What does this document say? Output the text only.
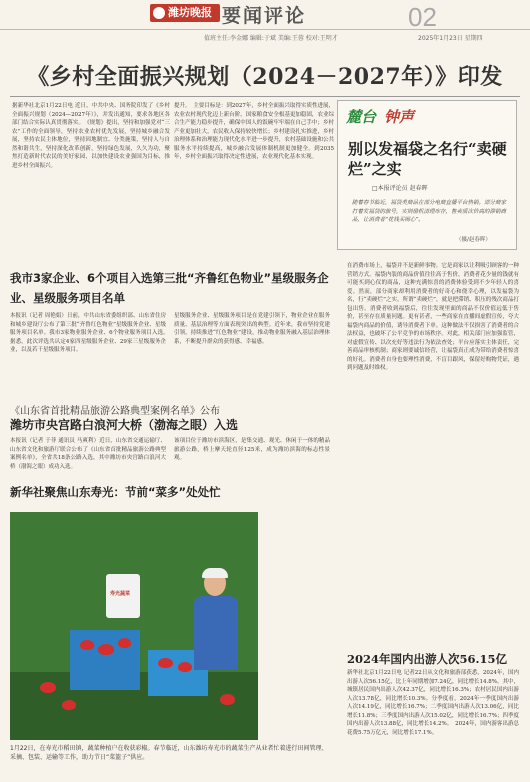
潍坊晚报 要闻评论	02
值班主任:李金娜 编辑:于斌 美编:王蓉 校对:王明才	2025年1月23日 星期四
《乡村全面振兴规划（2024－2027年）》印发
据新华社北京1月22日电 近日，中共中央、国务院印发了《乡村全面振兴规划（2024—2027年）》，并发出通知，要求各地区各部门结合实际认真贯彻落实。　《规划》提出，坚持和加强党对“三农”工作的全面领导，坚持农业农村优先发展，坚持城乡融合发展，坚持农民主体地位，坚持因地制宜、分类施策，坚持人与自然和谐共生，坚持深化改革创新，坚持绿色发展，久久为功，聚焦打造新时代农民的美好家园，以加快建设农业强国为目标，推进乡村全面振兴。
提升。　主要目标是：到2027年，乡村全面振兴取得实质性进展，农业农村现代化迈上新台阶。国家粮食安全根基更加稳固，农业综合生产能力稳步提升，确保中国人的饭碗牢牢端在自己手中；乡村产业更加壮大，农民收入保持较快增长；乡村建设扎实推进，乡村治理体系和治理能力现代化水平进一步提升，农村基础设施和公共服务水平持续提高，城乡融合发展体制机制更加健全。到2035年，乡村全面振兴取得决定性进展，农业现代化基本实现。
麓台 钟声
别以发福袋之名行“卖硬烂”之实
□本报评论员 赵春晖
随着春节临近，福袋类商品在部分电商直播平台热销。部分商家打着发福袋的旗号，实则借机清理库存，售卖质次价高的滞销商品，让消费者“花钱买闹心”。
（摄/赵春晖）
我市3家企业、6个项目入选第三批“齐鲁红色物业”星级服务企业、星级服务项目名单
本报讯（记者 周艳娟）日前，中共山东省委组织部、山东省住房和城乡建设厅公布了第三批“齐鲁红色物业”星级服务企业、星级服务项目名单。我市3家物业服务企业、6个物业服务项目入选。　据悉，此次评选共认定4家四星级服务企业、29家三星级服务企业，以及若干星级服务项目。
星级服务企业、星级服务项目是在党建引领下，物业企业在服务质量、基层治理等方面表现突出的典型。近年来，我市坚持党建引领，持续推进“红色物业”建设，推动物业服务融入基层治理体系，不断提升群众的获得感、幸福感。
《山东省首批精品旅游公路典型案例名单》公布
潍坊市央宫路白浪河大桥（渤海之眼）入选
本报讯（记者 于菲 通讯员 马爽利）近日，山东省交通运输厅、山东省文化和旅游厅联合公布了《山东省首批精品旅游公路典型案例名单》，全省共18条公路入选，其中潍坊市央宫路白浪河大桥（渤海之眼）成功入选。
该项目位于潍坊市滨海区，是集交通、观光、休闲于一体的精品旅游公路，桥上摩天轮直径125米，成为潍坊滨海的标志性景观。
新华社聚焦山东寿光：节前“菜多”处处忙
寿光蔬菜
1月22日，在寿光市稻田镇，蔬菜种植户在收获彩椒。春节临近，山东潍坊寿光市的蔬菜生产从业者忙着进行田间管理、采摘、包装、运输等工作，助力节日“菜篮子”供应。
在消费市场上，福袋并不是新鲜事物。它是商家以让利吸引顾客的一种营销方式。福袋内装的商品价值往往高于售价，消费者花少量的钱就有可能买到心仪的商品，这种充满惊喜的消费体验受到不少年轻人的喜爱。然而，部分商家却利用消费者的好奇心和侥幸心理，以发福袋为名，行“卖硬烂”之实。所谓“卖硬烂”，就是把滞销、积压的残次商品打包出售。消费者收到福袋后，往往发现里面的商品不仅价值远低于售价，甚至存在质量问题。更有甚者，一些商家在直播间虚假宣传，夸大福袋内商品的价值，诱导消费者下单。这种做法不仅损害了消费者的合法权益，也破坏了公平竞争的市场秩序。对此，相关部门应加强监管，对虚假宣传、以次充好等违法行为依法查处；平台应落实主体责任，完善商品审核机制；商家则要诚信经营，让福袋真正成为带给消费者惊喜的好礼。消费者自身也要理性消费，不盲目跟风，保留好购物凭证，遇到问题及时维权。
2024年国内出游人次56.15亿
新华社北京1月22日电 记者22日从文化和旅游部获悉，2024年，国内出游人次56.15亿，比上年同期增加7.24亿，同比增长14.8%。其中，城镇居民国内出游人次42.37亿，同比增长16.3%；农村居民国内出游人次13.78亿，同比增长10.3%。分季度看，2024年一季度国内出游人次14.19亿，同比增长16.7%；二季度国内出游人次13.06亿，同比增长11.8%；三季度国内出游人次15.02亿，同比增长16.7%；四季度国内出游人次13.88亿，同比增长14.2%。　2024年，国内游客出游总花费5.75万亿元，同比增长17.1%。
